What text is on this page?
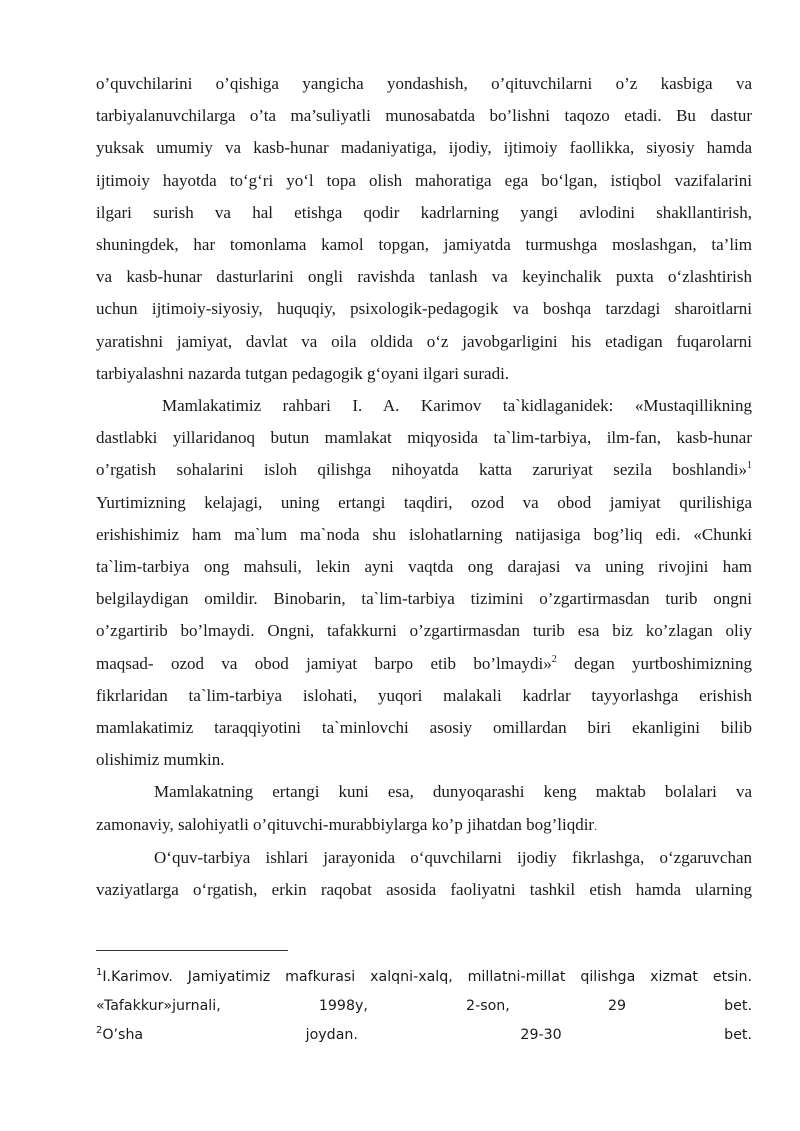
o’quvchilarini o’qishiga yangicha yondashish, o’qituvchilarni o’z kasbiga va
tarbiyalanuvchilarga o’ta ma’suliyatli munosabatda bo’lishni taqozo etadi. Bu dastur
yuksak umumiy va kasb-hunar madaniyatiga, ijodiy, ijtimoiy faollikka, siyosiy hamda
ijtimoiy hayotda to‘g‘ri yo‘l topa olish mahoratiga ega bo‘lgan, istiqbol vazifalarini
ilgari surish va hal etishga qodir kadrlarning yangi avlodini shakllantirish,
shuningdek, har tomonlama kamol topgan, jamiyatda turmushga moslashgan, ta’lim
va kasb-hunar dasturlarini ongli ravishda tanlash va keyinchalik puxta o‘zlashtirish
uchun ijtimoiy-siyosiy, huquqiy, psixologik-pedagogik va boshqa tarzdagi sharoitlarni
yaratishni jamiyat, davlat va oila oldida o‘z javobgarligini his etadigan fuqarolarni
tarbiyalashni nazarda tutgan pedagogik g‘oyani ilgari suradi.

Mamlakatimiz rahbari I. A. Karimov ta`kidlaganidek: «Mustaqillikning
dastlabki yillaridanoq butun mamlakat miqyosida ta`lim-tarbiya, ilm-fan, kasb-hunar
o’rgatish sohalarini isloh qilishga nihoyatda katta zaruriyat sezila boshlandi»$^1$
Yurtimizning kelajagi, uning ertangi taqdiri, ozod va obod jamiyat qurilishiga
erishishimiz ham ma`lum ma`noda shu islohatlarning natijasiga bog’liq edi. «Chunki
ta`lim-tarbiya ong mahsuli, lekin ayni vaqtda ong darajasi va uning rivojini ham
belgilaydigan omildir. Binobarin, ta`lim-tarbiya tizimini o’zgartirmasdan turib ongni
o’zgartirib bo’lmaydi. Ongni, tafakkurni o’zgartirmasdan turib esa biz ko’zlagan oliy
maqsad- ozod va obod jamiyat barpo etib bo’lmaydi»$^2$ degan yurtboshimizning
fikrlaridan ta`lim-tarbiya islohati, yuqori malakali kadrlar tayyorlashga erishish
mamlakatimiz taraqqiyotini ta`minlovchi asosiy omillardan biri ekanligini bilib
olishimiz mumkin.

Mamlakatning ertangi kuni esa, dunyoqarashi keng maktab bolalari va
zamonaviy, salohiyatli o’qituvchi-murabbiylarga ko’p jihatdan bog’liqdir.

O‘quv-tarbiya ishlari jarayonida o‘quvchilarni ijodiy fikrlashga, o‘zgaruvchan
vaziyatlarga o‘rgatish, erkin raqobat asosida faoliyatni tashkil etish hamda ularning

$^1$I.Karimov. Jamiyatimiz mafkurasi xalqni-xalq, millatni-millat qilishga xizmat etsin.
«Tafakkur»jurnali, 1998y, 2-son, 29 bet.

$^2$O’sha joydan. 29-30 bet.
